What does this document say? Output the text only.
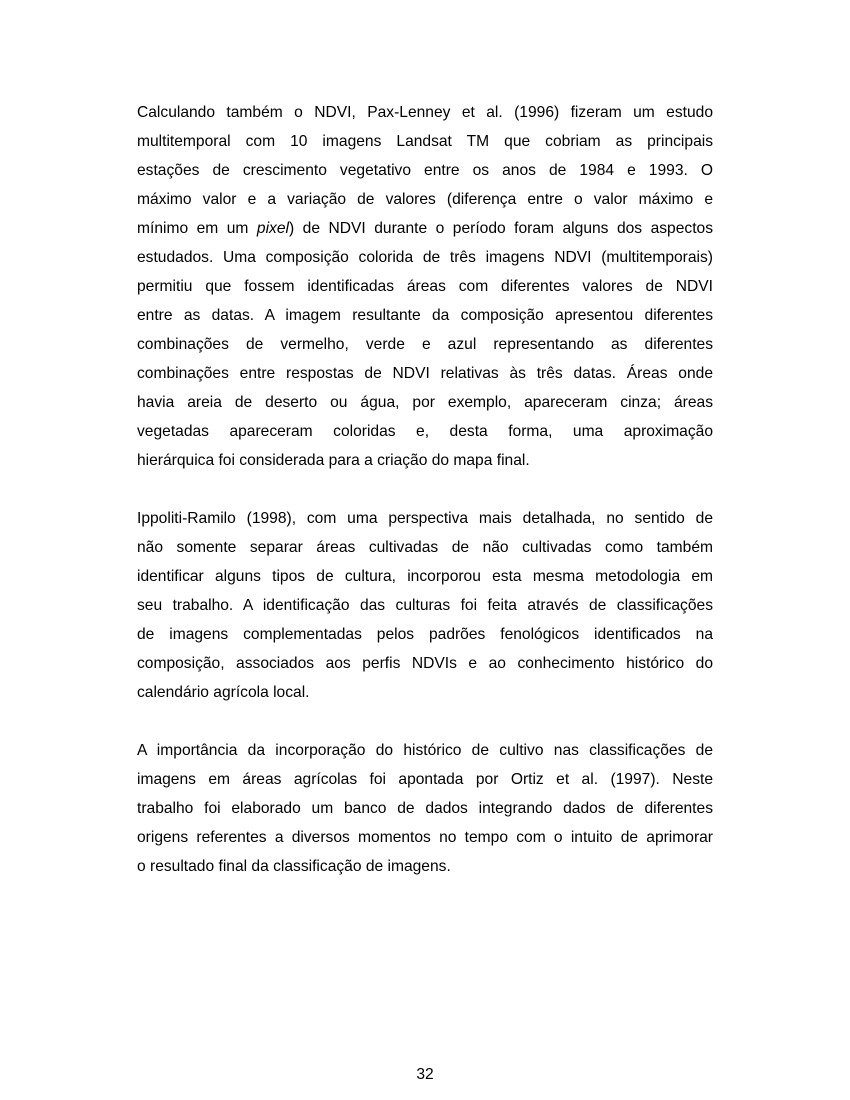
Calculando também o NDVI, Pax-Lenney et al. (1996) fizeram um estudo
multitemporal com 10 imagens Landsat TM que cobriam as principais
estações de crescimento vegetativo entre os anos de 1984 e 1993. O
máximo valor e a variação de valores (diferença entre o valor máximo e
mínimo em um pixel) de NDVI durante o período foram alguns dos aspectos
estudados. Uma composição colorida de três imagens NDVI (multitemporais)
permitiu que fossem identificadas áreas com diferentes valores de NDVI
entre as datas. A imagem resultante da composição apresentou diferentes
combinações de vermelho, verde e azul representando as diferentes
combinações entre respostas de NDVI relativas às três datas. Áreas onde
havia areia de deserto ou água, por exemplo, apareceram cinza; áreas
vegetadas apareceram coloridas e, desta forma, uma aproximação
hierárquica foi considerada para a criação do mapa final.

Ippoliti-Ramilo (1998), com uma perspectiva mais detalhada, no sentido de
não somente separar áreas cultivadas de não cultivadas como também
identificar alguns tipos de cultura, incorporou esta mesma metodologia em
seu trabalho. A identificação das culturas foi feita através de classificações
de imagens complementadas pelos padrões fenológicos identificados na
composição, associados aos perfis NDVIs e ao conhecimento histórico do
calendário agrícola local.

A importância da incorporação do histórico de cultivo nas classificações de
imagens em áreas agrícolas foi apontada por Ortiz et al. (1997). Neste
trabalho foi elaborado um banco de dados integrando dados de diferentes
origens referentes a diversos momentos no tempo com o intuito de aprimorar
o resultado final da classificação de imagens.

32
